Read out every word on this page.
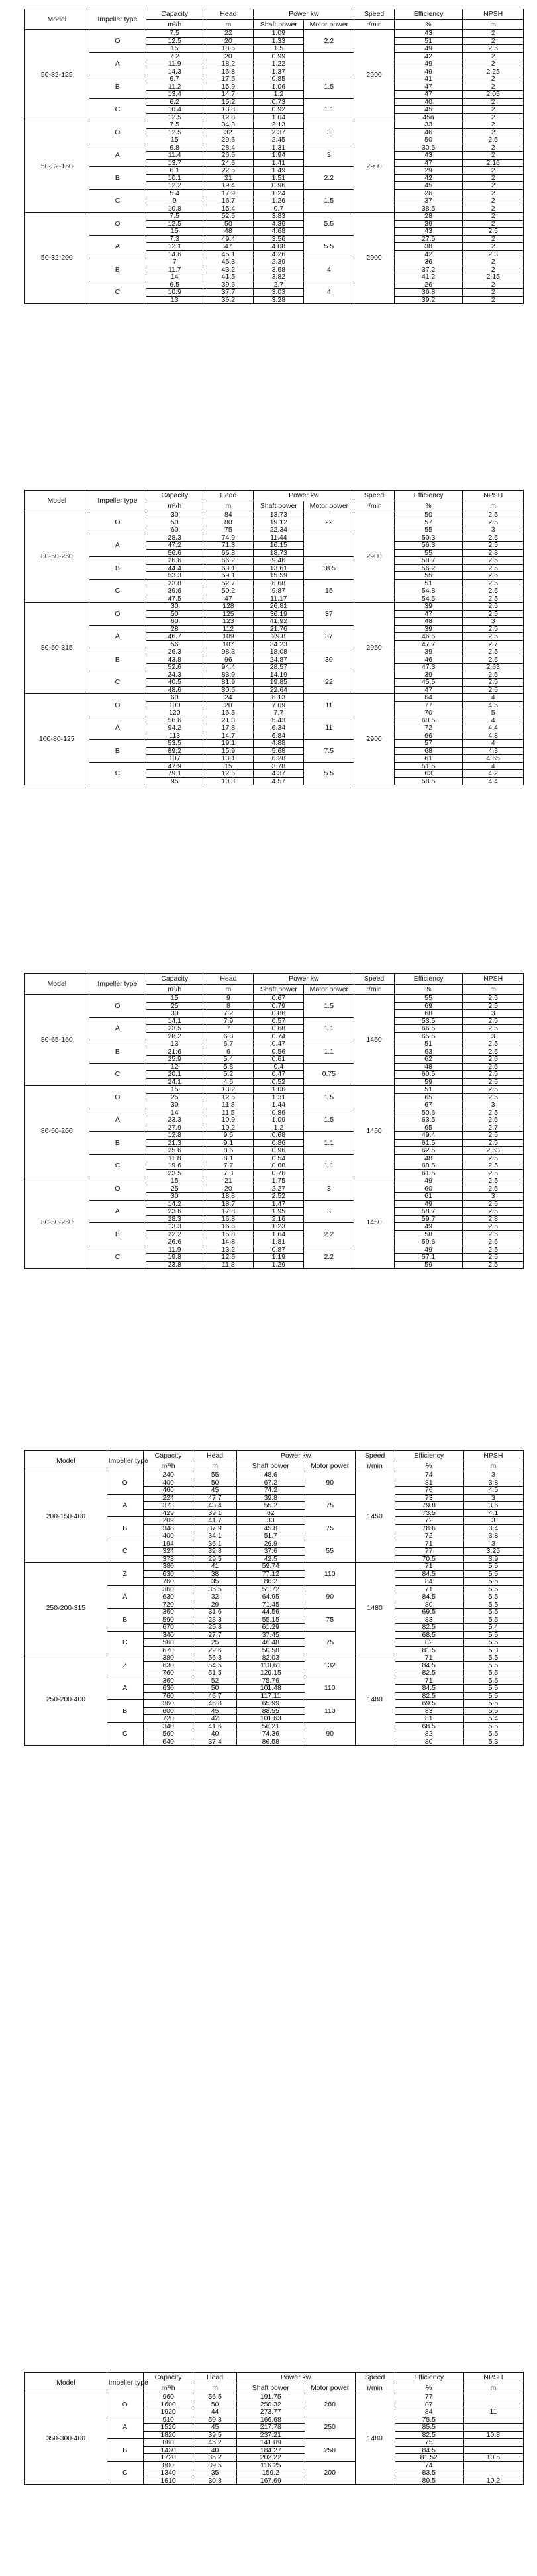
Model	Impeller type	Capacity	Head	Power kw		Speed	Efficiency	NPSH
		m³/h	m	Shaft power	Motor power	r/min	%	m
50-32-125	O	7.5	22	1.09	2.2	2900	43	2
		12.5	20	1.33			51	2
		15	18.5	1.5			49	2.5
	A	7.2	20	0.99			42	2
		11.9	18.2	1.22			49	2
		14.3	16.8	1.37			49	2.25
	B	6.7	17.5	0.85	1.5		41	2
		11.2	15.9	1.06			47	2
		13.4	14.7	1.2			47	2.05
	C	6.2	15.2	0.73	1.1		40	2
		10.4	13.8	0.92			45	2
		12.5	12.8	1.04			45a	2
50-32-160	O	7.5	34.3	2.13	3	2900	33	2
		12.5	32	2.37			46	2
		15	29.6	2.45			50	2.5
	A	6.8	28.4	1.31	3		30.5	2
		11.4	26.6	1.94			43	2
		13.7	24.6	1.41			47	2.16
	B	6.1	22.5	1.49	2.2		29	2
		10.1	21	1.51			42	2
		12.2	19.4	0.96			45	2
	C	5.4	17.9	1.24	1.5		26	2
		9	16.7	1.26			37	2
		10.8	15.4	0.7			38.5	2
50-32-200	O	7.5	52.5	3.83	5.5	2900	28	2
		12.5	50	4.36			39	2
		15	48	4.68			43	2.5
	A	7.3	49.4	3.56	5.5		27.5	2
		12.1	47	4.08			38	2
		14.6	45.1	4.26			42	2.3
	B	7	45.3	2.39	4		36	2
		11.7	43.2	3.68			37.2	2
		14	41.5	3.82			41.2	2.15
	C	6.5	39.6	2.7	4		26	2
		10.9	37.7	3.03			36.8	2
		13	36.2	3.28			39.2	2
Model	Impeller type	Capacity	Head	Power kw		Speed	Efficiency	NPSH
		m³/h	m	Shaft power	Motor power	r/min	%	m
80-50-250	O	30	84	13.73	22	2900	50	2.5
		50	80	19.12			57	2.5
		60	75	22.34			55	3
	A	28.3	74.9	11.44			50.3	2.5
		47.2	71.3	16.15			56.3	2.5
		56.6	66.8	18.73			55	2.8
	B	26.6	66.2	9.46	18.5		50.7	2.5
		44.4	63.1	13.61			56.2	2.5
		53.3	59.1	15.59			55	2.6
	C	23.8	52.7	6.68	15		51	2.5
		39.6	50.2	9.87			54.8	2.5
		47.5	47	11.17			54.5	2.5
80-50-315	O	30	128	26.81	37	2950	39	2.5
		50	125	36.19			47	2.5
		60	123	41.92			48	3
	A	28	112	21.76	37		39	2.5
		46.7	109	29.8			46.5	2.5
		56	107	34.23			47.7	2.7
	B	26.3	98.3	18.08	30		39	2.5
		43.8	96	24.87			46	2.5
		52.6	94.4	28.57			47.3	2.63
	C	24.3	83.9	14.19	22		39	2.5
		40.5	81.9	19.85			45.5	2.5
		48.6	80.6	22.64			47	2.5
100-80-125	O	60	24	6.13	11	2900	64	4
		100	20	7.09			77	4.5
		120	16.5	7.7			70	5
	A	56.6	21.3	5.43	11		60.5	4
		94.2	17.8	6.34			72	4.4
		113	14.7	6.84			66	4.8
	B	53.5	19.1	4.88	7.5		57	4
		89.2	15.9	5.68			68	4.3
		107	13.1	6.28			61	4.65
	C	47.9	15	3.78	5.5		51.5	4
		79.1	12.5	4.37			63	4.2
		95	10.3	4.57			58.5	4.4
Model	Impeller type	Capacity	Head	Power kw		Speed	Efficiency	NPSH
		m³/h	m	Shaft power	Motor power	r/min	%	m
80-65-160	O	15	9	0.67	1.5	1450	55	2.5
		25	8	0.79			69	2.5
		30	7.2	0.86			68	3
	A	14.1	7.9	0.57	1.1		53.5	2.5
		23.5	7	0.68			66.5	2.5
		28.2	6.3	0.74			65.5	3
	B	13	6.7	0.47	1.1		51	2.5
		21.6	6	0.56			63	2.5
		25.9	5.4	0.61			62	2.6
	C	12	5.8	0.4	0.75		48	2.5
		20.1	5.2	0.47			60.5	2.5
		24.1	4.6	0.52			59	2.5
80-50-200	O	15	13.2	1.06	1.5	1450	51	2.5
		25	12.5	1.31			65	2.5
		30	11.8	1.44			67	3
	A	14	11.5	0.86	1.5		50.6	2.5
		23.3	10.9	1.09			63.5	2.5
		27.9	10.2	1.2			65	2.7
	B	12.8	9.6	0.68	1.1		49.4	2.5
		21.3	9.1	0.86			61.5	2.5
		25.6	8.6	0.96			62.5	2.53
	C	11.8	8.1	0.54	1.1		48	2.5
		19.6	7.7	0.68			60.5	2.5
		23.5	7.3	0.76			61.5	2.5
80-50-250	O	15	21	1.75	3	1450	49	2.5
		25	20	2.27			60	2.5
		30	18.8	2.52			61	3
	A	14.2	18.7	1.47	3		49	2.5
		23.6	17.8	1.95			58.7	2.5
		28.3	16.8	2.16			59.7	2.8
	B	13.3	16.6	1.23	2.2		49	2.5
		22.2	15.8	1.64			58	2.5
		26.6	14.8	1.81			59.6	2.6
	C	11.9	13.2	0.87	2.2		49	2.5
		19.8	12.6	1.19			57.1	2.5
		23.8	11.8	1.29			59	2.5
Model	Impeller type	Capacity	Head	Power kw		Speed	Efficiency	NPSH
		m³/h	m	Shaft power	Motor power	r/min	%	m
200-150-400	O	240	55	48.6	90	1450	74	3
		400	50	67.2			81	3.8
		460	45	74.2			76	4.5
	A	224	47.7	39.8	75		73	3
		373	43.4	55.2			79.8	3.6
		429	39.1	62			73.5	4.1
	B	209	41.7	33	75		72	3
		348	37.9	45.8			78.6	3.4
		400	34.1	51.7			72	3.8
	C	194	36.1	26.9	55		71	3
		324	32.8	37.6			77	3.25
		373	29.5	42.5			70.5	3.9
250-200-315	Z	380	41	59.74	110	1480	71	5.5
		630	38	77.12			84.5	5.5
		760	35	86.2			84	5.5
	A	360	35.5	51.72	90		71	5.5
		630	32	64.95			84.5	5.5
		720	29	71.45			80	5.5
	B	360	31.6	44.56	75		69.5	5.5
		590	28.3	55.15			83	5.5
		670	25.8	61.29			82.5	5.4
	C	340	27.7	37.45	75		68.5	5.5
		560	25	46.48			82	5.5
		670	22.6	50.58			81.5	5.3
250-200-400	Z	380	56.3	82.03	132	1480	71	5.5
		630	54.5	110.61			84.5	5.5
		760	51.5	129.15			82.5	5.5
	A	360	52	75.76	110		71	5.5
		630	50	101.48			84.5	5.5
		760	46.7	117.11			82.5	5.5
	B	360	46.8	65.99	110		69.5	5.5
		600	45	88.55			83	5.5
		720	42	101.63			81	5.4
	C	340	41.6	56.21	90		68.5	5.5
		560	40	74.36			82	5.5
		640	37.4	86.58			80	5.3
Model	Impeller type	Capacity	Head	Power kw		Speed	Efficiency	NPSH
		m³/h	m	Shaft power	Motor power	r/min	%	m
350-300-400	O	960	56.5	191.75	280	1480	77	
		1600	50	250.32			87	
		1920	44	273.77			84	11
	A	910	50.8	166.68	250		75.5	
		1520	45	217.78			85.5	
		1820	39.5	237.21			82.5	10.8
	B	860	45.2	141.09	250		75	
		1430	40	184.27			84.5	
		1720	35.2	202.22			81.52	10.5
	C	800	39.5	116.25	200		74	
		1340	35	159.2			83.5	
		1610	30.8	167.69			80.5	10.2
